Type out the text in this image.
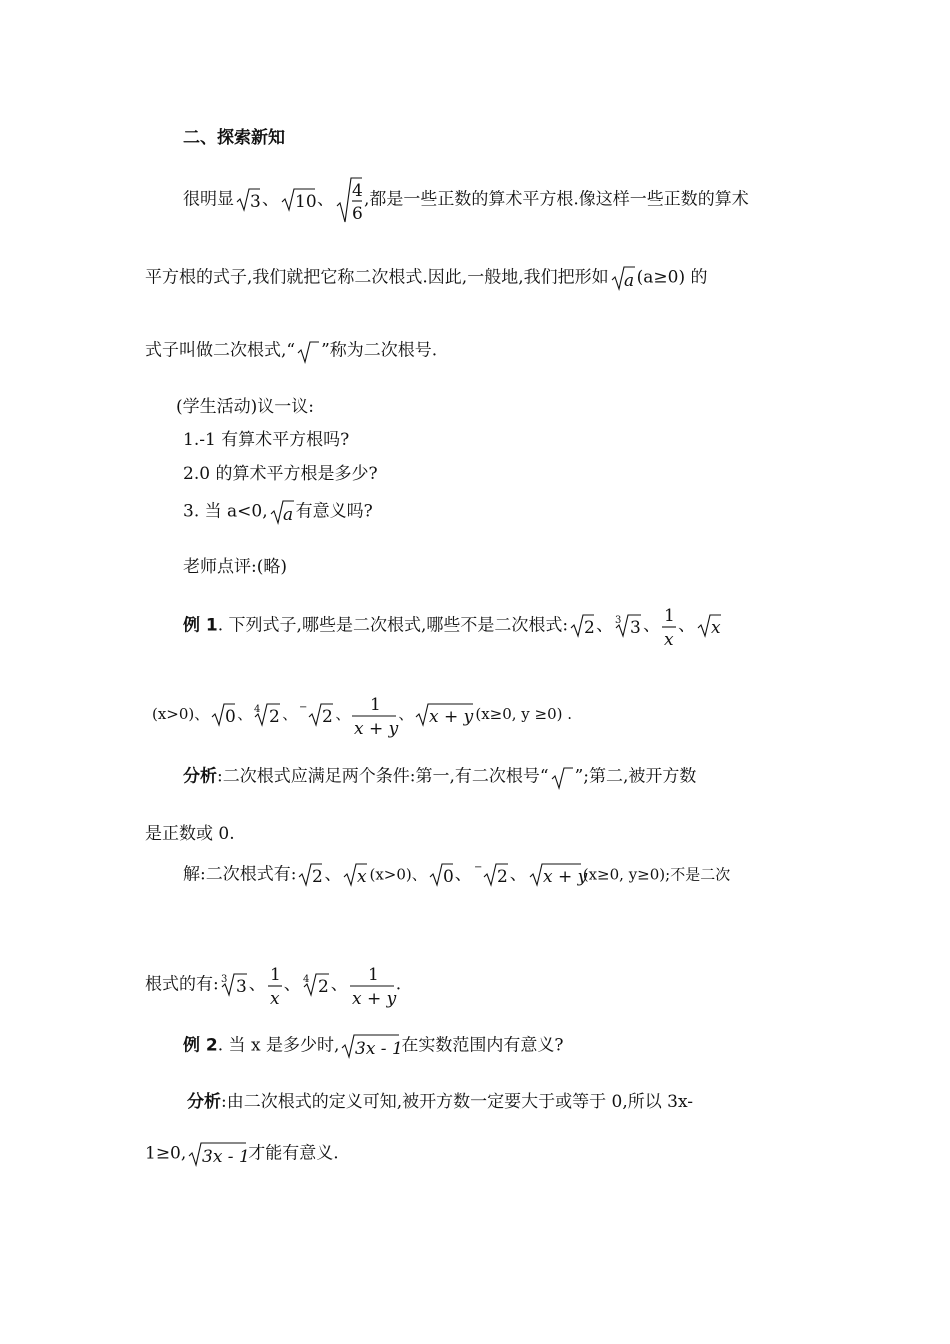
二、探索新知
很明显 3 、 10 、 4
6
,都是一些正数的算术平方根.像这样一些正数的算术
平方根的式子,我们就把它称二次根式.因此,一般地,我们把形如 a (a≥0) 的
式子叫做二次根式,“ ”称为二次根号.
(学生活动)议一议:
1.-1 有算术平方根吗?
2.0 的算术平方根是多少?
3. 当 a<0, a 有意义吗?
老师点评:(略)
例 1. 下列式子,哪些是二次根式,哪些不是二次根式: 2 、 3 3 、 1
x
、 x
(x>0)、 0 、 4 2 、 − 2 、 1
x + y
、 x + y (x≥0, y ≥0) .
分析:二次根式应满足两个条件:第一,有二次根号“ ”;第二,被开方数
是正数或 0.
解:二次根式有: 2 、 x (x>0)、 0 、 − 2 、 x + y
(x≥0, y≥0);不是二次
根式的有: 3 3 、 1
x
、 4 2 、 1
x + y
.
例 2. 当 x 是多少时, 3x - 1
在实数范围内有意义?
分析:由二次根式的定义可知,被开方数一定要大于或等于 0,所以 3x-
1≥0, 3x - 1
才能有意义.
